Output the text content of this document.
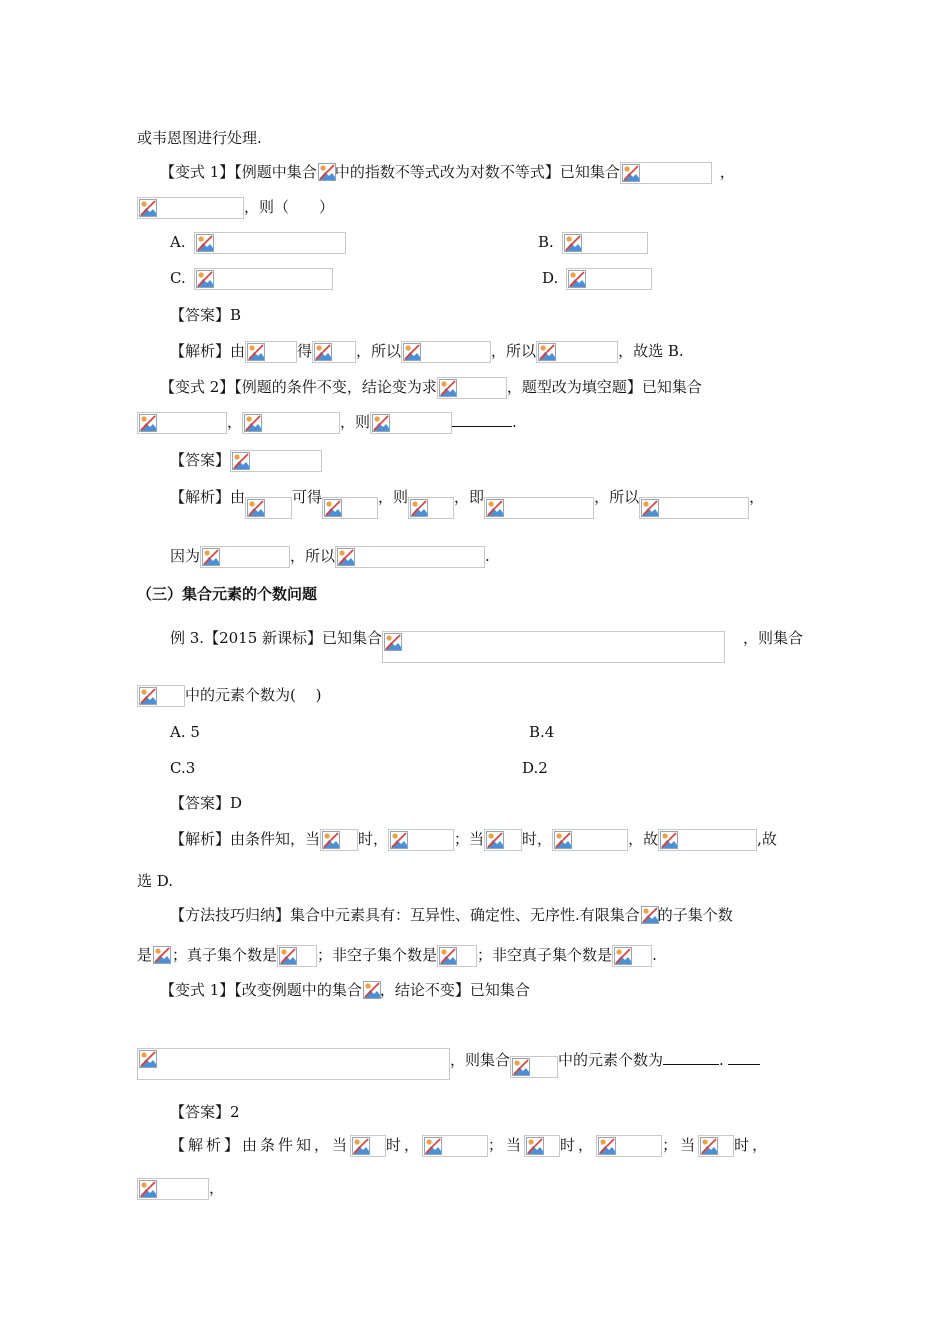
或韦恩图进行处理.
【变式 1】【例题中集合 中的指数不等式改为对数不等式】已知集合	，
，则（　　）
A.	B.
C.	D.
【答案】B
【解析】由	得	，所以	，所以	，故选 B.
【变式 2】【例题的条件不变，结论变为求	，题型改为填空题】已知集合
，	，则	.
【答案】
【解析】由	可得	，则	，即	，所以	，
因为	，所以	.
（三）集合元素的个数问题
例 3.【2015 新课标】已知集合	，则集合
中的元素个数为(　 )
A. 5	B.4
C.3	D.2
【答案】D
【解析】由条件知，当	时，	；当	时，	，故	,故
选 D.
【方法技巧归纳】集合中元素具有：互异性、确定性、无序性.有限集合 的子集个数
是 ；真子集个数是	；非空子集个数是	；非空真子集个数是	.
【变式 1】【改变例题中的集合 ，结论不变】已知集合
，则集合	中的元素个数为	.
【答案】2
【解析】由条件知，当 时，	；当 时，	；当 时，
，
